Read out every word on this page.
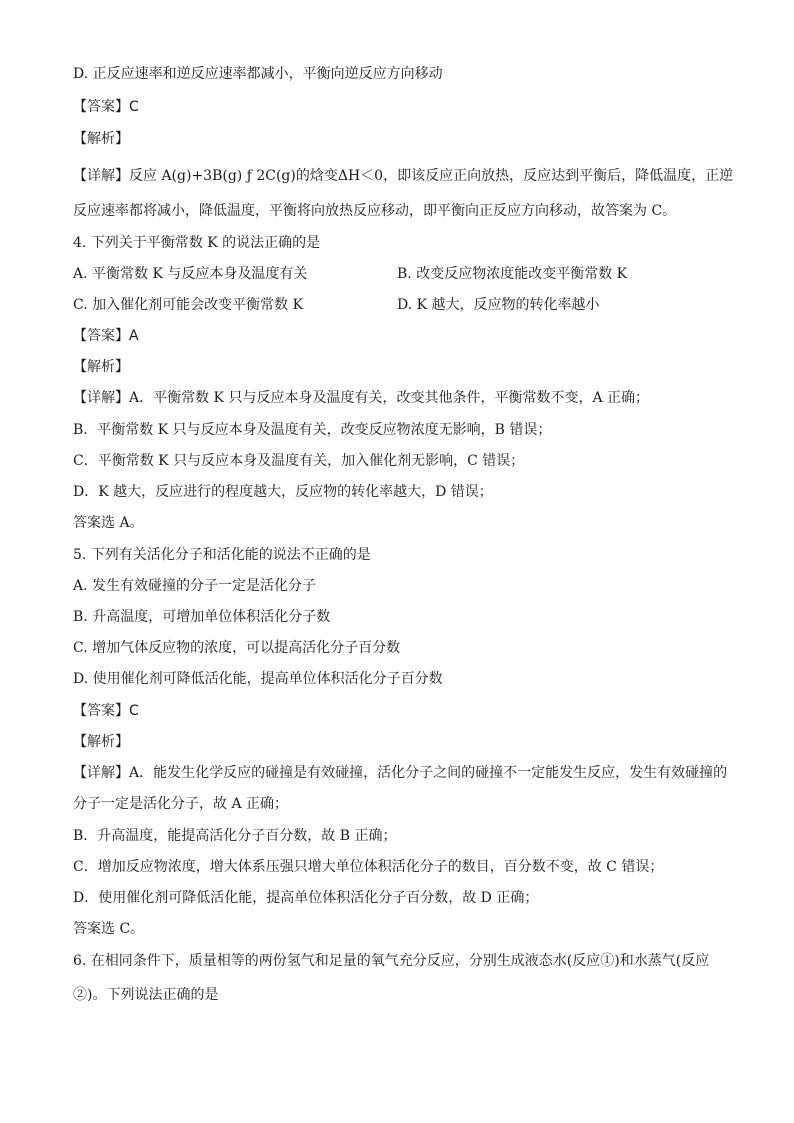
D. 正反应速率和逆反应速率都减小，平衡向逆反应方向移动
【答案】C
【解析】
【详解】反应 A(g)+3B(g) ƒ 2C(g)的焓变ΔH＜0，即该反应正向放热，反应达到平衡后，降低温度，正逆
反应速率都将减小，降低温度，平衡将向放热反应移动，即平衡向正反应方向移动，故答案为 C。
4. 下列关于平衡常数 K 的说法正确的是
A. 平衡常数 K 与反应本身及温度有关	B. 改变反应物浓度能改变平衡常数 K
C. 加入催化剂可能会改变平衡常数 K	D. K 越大，反应物的转化率越小
【答案】A
【解析】
【详解】A．平衡常数 K 只与反应本身及温度有关，改变其他条件，平衡常数不变，A 正确；
B．平衡常数 K 只与反应本身及温度有关，改变反应物浓度无影响，B 错误；
C．平衡常数 K 只与反应本身及温度有关，加入催化剂无影响，C 错误；
D．K 越大，反应进行的程度越大，反应物的转化率越大，D 错误；
答案选 A。
5. 下列有关活化分子和活化能的说法不正确的是
A. 发生有效碰撞的分子一定是活化分子
B. 升高温度，可增加单位体积活化分子数
C. 增加气体反应物的浓度，可以提高活化分子百分数
D. 使用催化剂可降低活化能，提高单位体积活化分子百分数
【答案】C
【解析】
【详解】A．能发生化学反应的碰撞是有效碰撞，活化分子之间的碰撞不一定能发生反应，发生有效碰撞的
分子一定是活化分子，故 A 正确；
B．升高温度，能提高活化分子百分数，故 B 正确；
C．增加反应物浓度，增大体系压强只增大单位体积活化分子的数目，百分数不变，故 C 错误；
D．使用催化剂可降低活化能，提高单位体积活化分子百分数，故 D 正确；
答案选 C。
6. 在相同条件下，质量相等的两份氢气和足量的氧气充分反应，分别生成液态水(反应①)和水蒸气(反应
②)。下列说法正确的是
